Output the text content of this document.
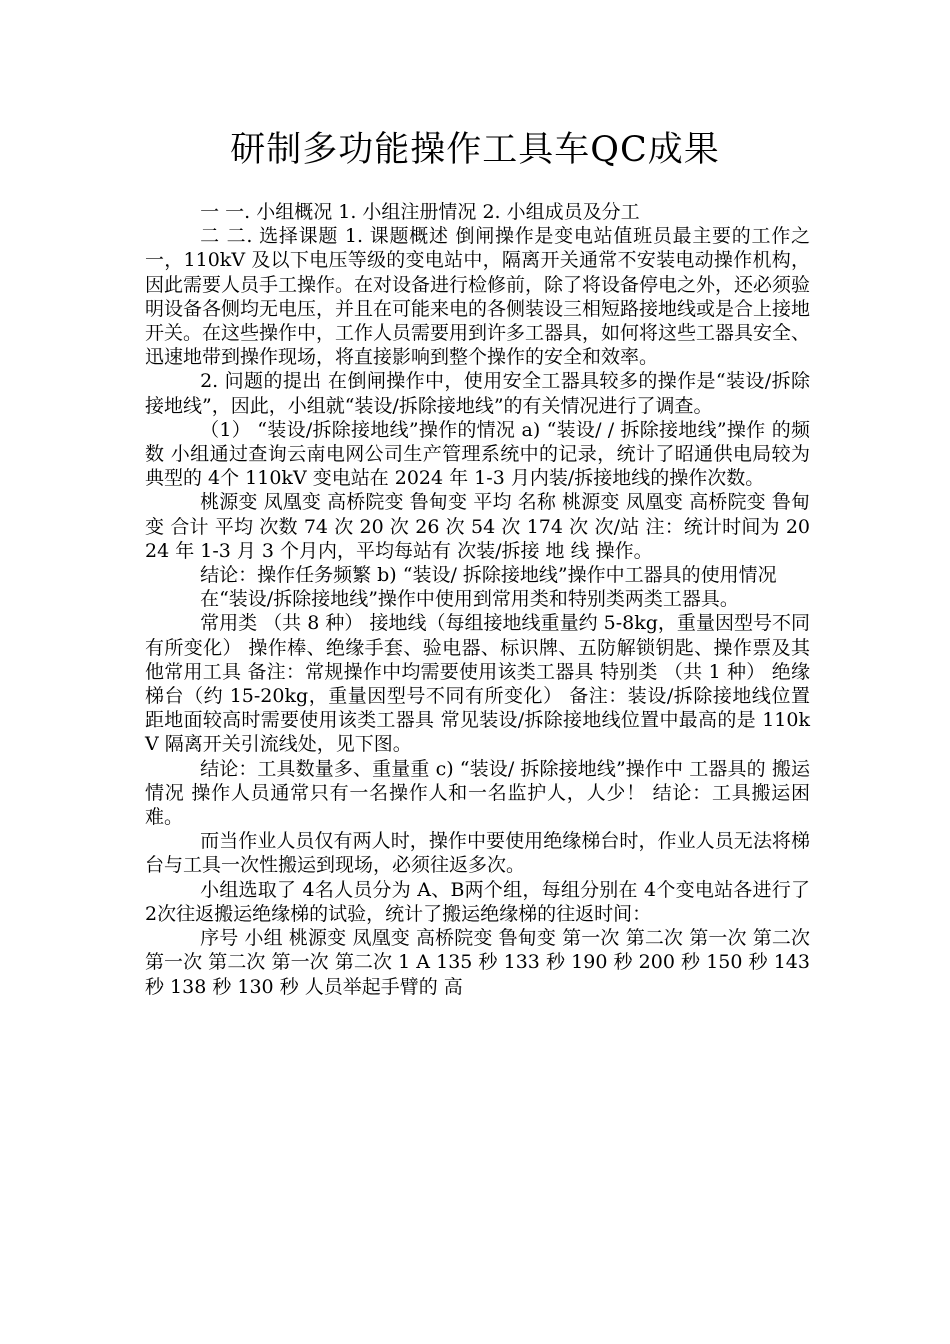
研制多功能操作工具车QC成果

一 一. 小组概况 1. 小组注册情况 2. 小组成员及分工

二 二. 选择课题 1. 课题概述 倒闸操作是变电站值班员最主要的工作之一，110kV 及以下电压等级的变电站中，隔离开关通常不安装电动操作机构，因此需要人员手工操作。在对设备进行检修前，除了将设备停电之外，还必须验明设备各侧均无电压，并且在可能来电的各侧装设三相短路接地线或是合上接地开关。在这些操作中，工作人员需要用到许多工器具，如何将这些工器具安全、迅速地带到操作现场，将直接影响到整个操作的安全和效率。

2. 问题的提出 在倒闸操作中，使用安全工器具较多的操作是“装设/拆除接地线”，因此，小组就“装设/拆除接地线”的有关情况进行了调查。

（1） “装设/拆除接地线”操作的情况 a) “装设/ / 拆除接地线”操作 的频数 小组通过查询云南电网公司生产管理系统中的记录，统计了昭通供电局较为典型的 4个 110kV 变电站在 2024 年 1-3 月内装/拆接地线的操作次数。

桃源变 凤凰变 高桥院变 鲁甸变 平均 名称 桃源变 凤凰变 高桥院变 鲁甸变 合计 平均 次数 74 次 20 次 26 次 54 次 174 次 次/站 注：统计时间为 2024 年 1-3 月 3 个月内，平均每站有 次装/拆接 地 线 操作。

结论：操作任务频繁 b) “装设/ 拆除接地线”操作中工器具的使用情况

在“装设/拆除接地线”操作中使用到常用类和特别类两类工器具。

常用类 （共 8 种） 接地线（每组接地线重量约 5-8kg，重量因型号不同有所变化） 操作棒、绝缘手套、验电器、标识牌、五防解锁钥匙、操作票及其他常用工具 备注：常规操作中均需要使用该类工器具 特别类 （共 1 种） 绝缘梯台（约 15-20kg，重量因型号不同有所变化） 备注：装设/拆除接地线位置距地面较高时需要使用该类工器具 常见装设/拆除接地线位置中最高的是 110kV 隔离开关引流线处，见下图。

结论：工具数量多、重量重 c) “装设/ 拆除接地线”操作中 工器具的 搬运情况 操作人员通常只有一名操作人和一名监护人，人少！ 结论：工具搬运困难。

而当作业人员仅有两人时，操作中要使用绝缘梯台时，作业人员无法将梯台与工具一次性搬运到现场，必须往返多次。

小组选取了 4名人员分为 A、B两个组，每组分别在 4个变电站各进行了 2次往返搬运绝缘梯的试验，统计了搬运绝缘梯的往返时间：

序号 小组 桃源变 凤凰变 高桥院变 鲁甸变 第一次 第二次 第一次 第二次 第一次 第二次 第一次 第二次 1 A 135 秒 133 秒 190 秒 200 秒 150 秒 143 秒 138 秒 130 秒 人员举起手臂的 高
